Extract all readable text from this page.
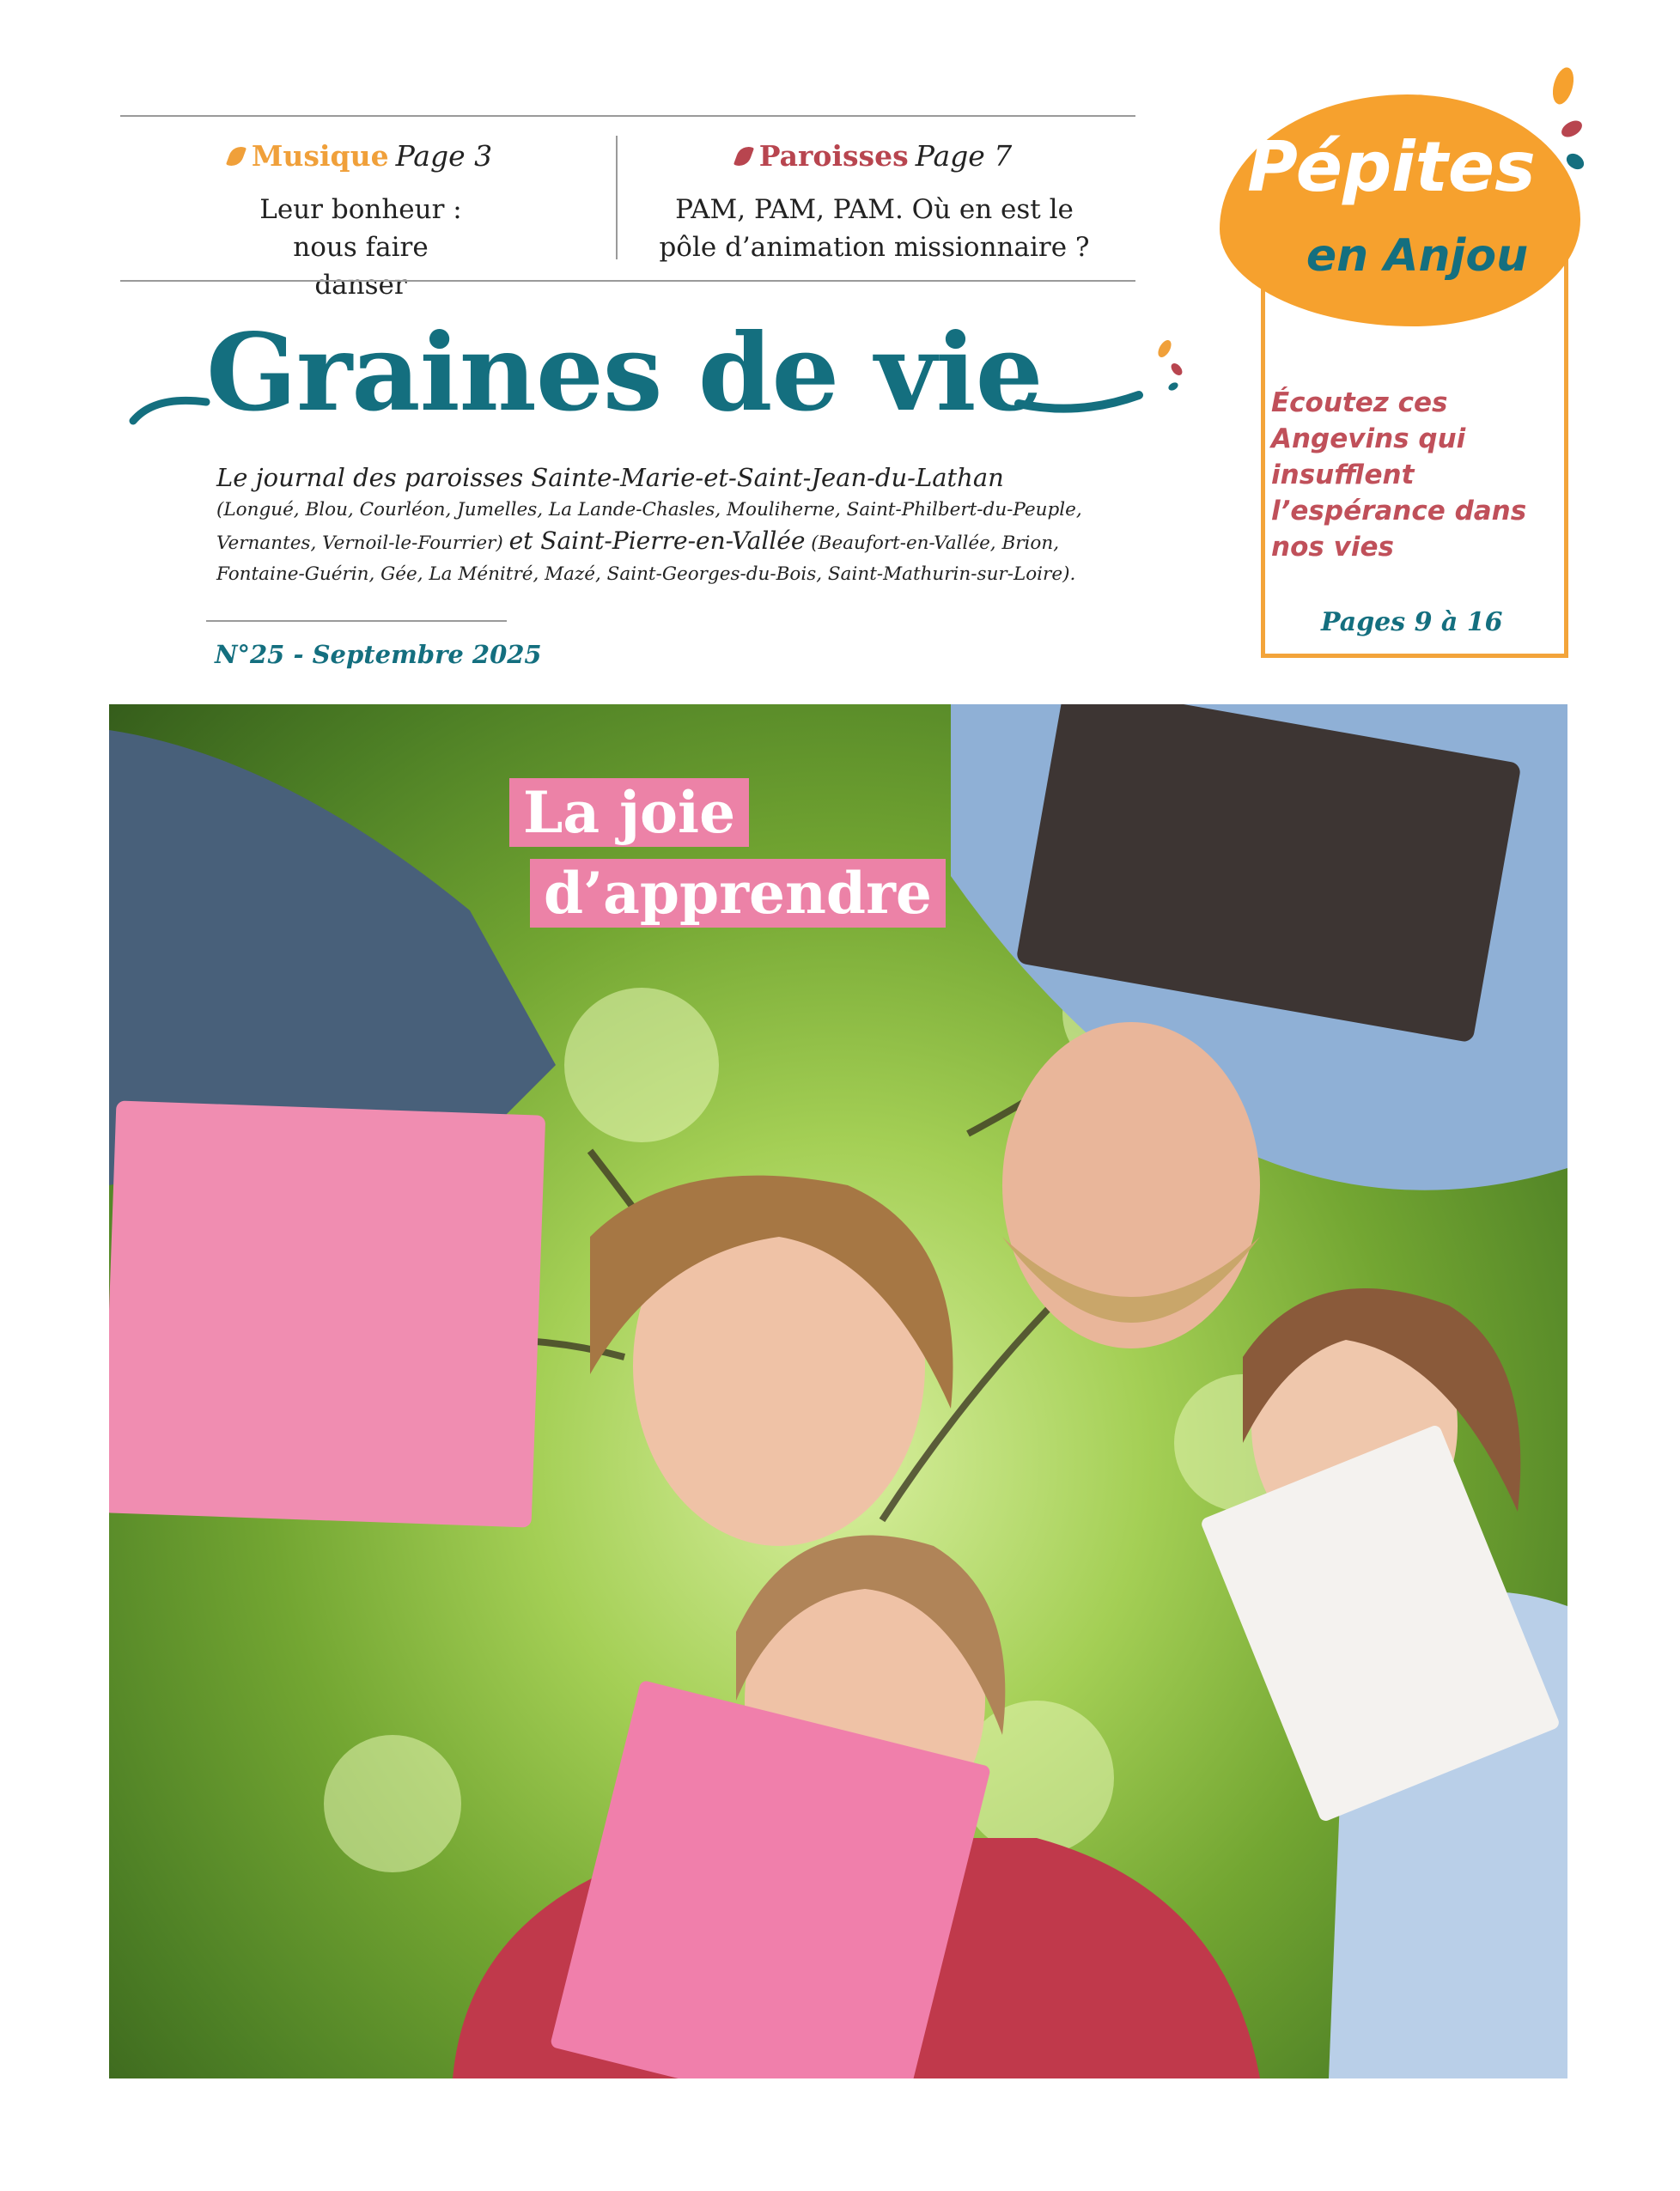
Musique Page 3
Leur bonheur : nous faire danser
Paroisses Page 7
PAM, PAM, PAM. Où en est le pôle d’animation missionnaire ?
Graines de vie
Le journal des paroisses Sainte-Marie-et-Saint-Jean-du-Lathan
(Longué, Blou, Courléon, Jumelles, La Lande-Chasles, Mouliherne, Saint-Philbert-du-Peuple, Vernantes, Vernoil-le-Fourrier) et Saint-Pierre-en-Vallée (Beaufort-en-Vallée, Brion, Fontaine-Guérin, Gée, La Ménitré, Mazé, Saint-Georges-du-Bois, Saint-Mathurin-sur-Loire).
N°25 - Septembre 2025
Pépites
en Anjou
Écoutez ces Angevins qui insufflent l’espérance dans nos vies
Pages 9 à 16
La joie
d’apprendre
